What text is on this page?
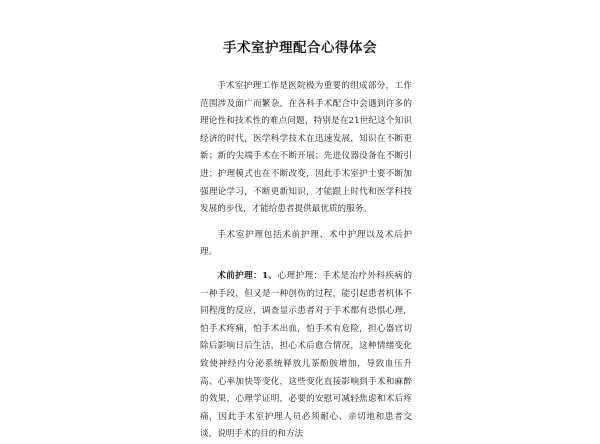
手术室护理配合心得体会

手术室护理工作是医院极为重要的组成部分，工作范围涉及面广而繁杂，在各科手术配合中会遇到许多的理论性和技术性的难点问题，特别是在21世纪这个知识经济的时代，医学科学技术在迅速发展，知识在不断更新；新的尖端手术在不断开展；先进仪器设备在不断引进；护理模式也在不断改变，因此手术室护士要不断加强理论学习，不断更新知识，才能跟上时代和医学科技发展的步伐，才能给患者提供最优质的服务。

手术室护理包括术前护理、术中护理以及术后护理。

术前护理：1、心理护理：手术是治疗外科疾病的一种手段，但又是一种创伤的过程，能引起患者机体不同程度的反应，调查显示患者对于手术都有恐惧心理，怕手术疼痛，怕手术出血，怕手术有危险，担心器官切除后影响日后生活，担心术后愈合情况，这种情绪变化致使神经内分泌系统释放儿茶酚胺增加，导致血压升高、心率加快等变化，这些变化直接影响到手术和麻醉的效果，心理学证明，必要的安慰可减轻焦虑和术后疼痛，因此手术室护理人员必须耐心、亲切地和患者交谈，说明手术的目的和方法
